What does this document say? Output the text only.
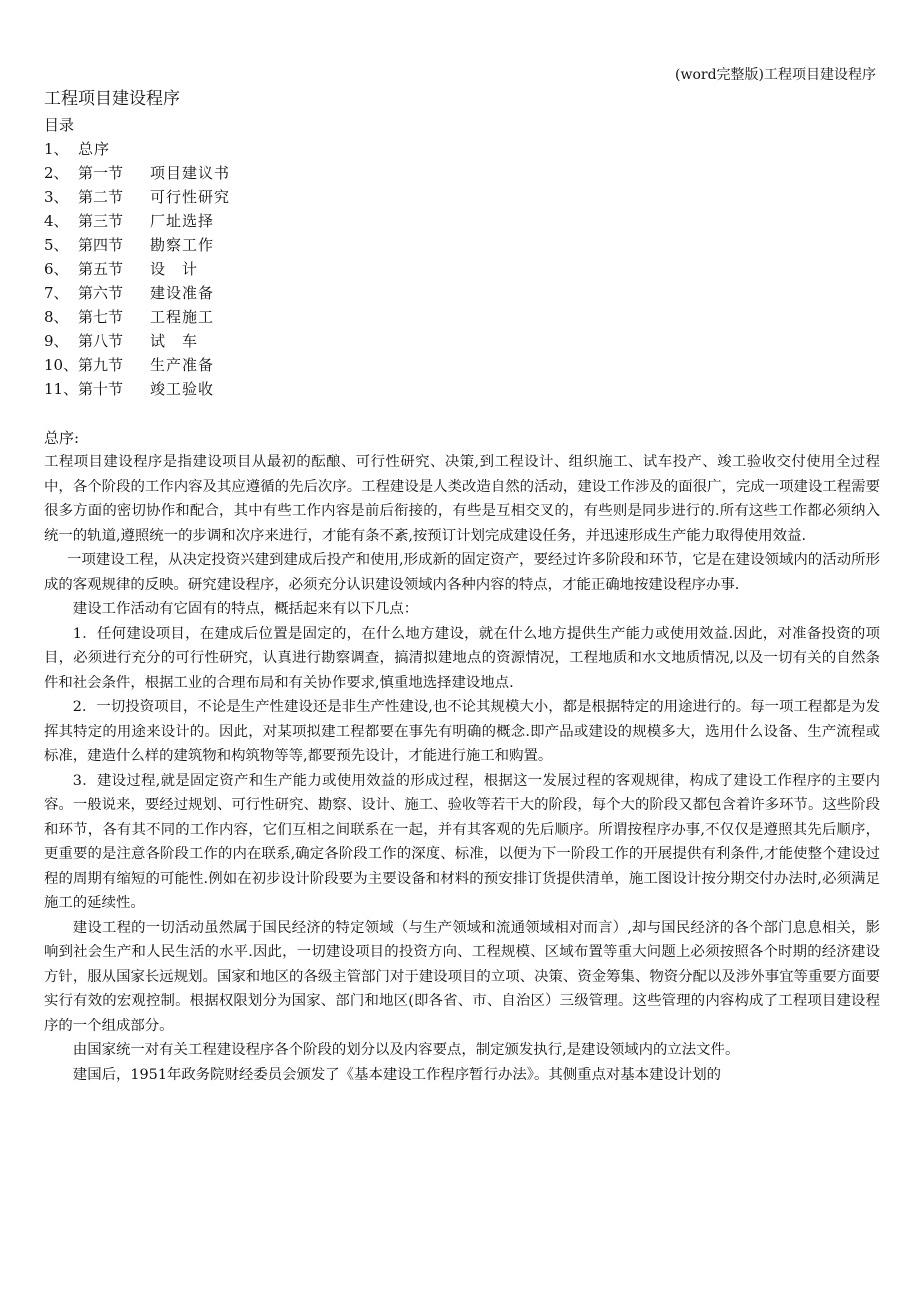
(word完整版)工程项目建设程序
工程项目建设程序
目录
1、 总序
2、 第一节 项目建议书
3、 第二节 可行性研究
4、 第三节 厂址选择
5、 第四节 勘察工作
6、 第五节 设　计
7、 第六节 建设准备
8、 第七节 工程施工
9、 第八节 试　车
10、第九节 生产准备
11、第十节 竣工验收
总序:

工程项目建设程序是指建设项目从最初的酝酿、可行性研究、决策,到工程设计、组织施工、试车投产、竣工验收交付使用全过程中，各个阶段的工作内容及其应遵循的先后次序。工程建设是人类改造自然的活动，建设工作涉及的面很广，完成一项建设工程需要很多方面的密切协作和配合，其中有些工作内容是前后衔接的，有些是互相交叉的，有些则是同步进行的.所有这些工作都必须纳入统一的轨道,遵照统一的步调和次序来进行，才能有条不紊,按预订计划完成建设任务，并迅速形成生产能力取得使用效益.

一项建设工程，从决定投资兴建到建成后投产和使用,形成新的固定资产，要经过许多阶段和环节，它是在建设领域内的活动所形成的客观规律的反映。研究建设程序，必须充分认识建设领域内各种内容的特点，才能正确地按建设程序办事.

建设工作活动有它固有的特点，概括起来有以下几点：

1．任何建设项目，在建成后位置是固定的，在什么地方建设，就在什么地方提供生产能力或使用效益.因此，对准备投资的项目，必须进行充分的可行性研究，认真进行勘察调查，搞清拟建地点的资源情况，工程地质和水文地质情况,以及一切有关的自然条件和社会条件，根据工业的合理布局和有关协作要求,慎重地选择建设地点.

2．一切投资项目，不论是生产性建设还是非生产性建设,也不论其规模大小，都是根据特定的用途进行的。每一项工程都是为发挥其特定的用途来设计的。因此，对某项拟建工程都要在事先有明确的概念.即产品或建设的规模多大，选用什么设备、生产流程或标准，建造什么样的建筑物和构筑物等等,都要预先设计，才能进行施工和购置。

3．建设过程,就是固定资产和生产能力或使用效益的形成过程，根据这一发展过程的客观规律，构成了建设工作程序的主要内容。一般说来，要经过规划、可行性研究、勘察、设计、施工、验收等若干大的阶段，每个大的阶段又都包含着许多环节。这些阶段和环节，各有其不同的工作内容，它们互相之间联系在一起，并有其客观的先后顺序。所谓按程序办事,不仅仅是遵照其先后顺序，更重要的是注意各阶段工作的内在联系,确定各阶段工作的深度、标准，以便为下一阶段工作的开展提供有利条件,才能使整个建设过程的周期有缩短的可能性.例如在初步设计阶段要为主要设备和材料的预安排订货提供清单，施工图设计按分期交付办法时,必须满足施工的延续性。

建设工程的一切活动虽然属于国民经济的特定领域（与生产领域和流通领域相对而言）,却与国民经济的各个部门息息相关，影响到社会生产和人民生活的水平.因此，一切建设项目的投资方向、工程规模、区域布置等重大问题上必须按照各个时期的经济建设方针，服从国家长远规划。国家和地区的各级主管部门对于建设项目的立项、决策、资金筹集、物资分配以及涉外事宜等重要方面要实行有效的宏观控制。根据权限划分为国家、部门和地区(即各省、市、自治区）三级管理。这些管理的内容构成了工程项目建设程序的一个组成部分。

由国家统一对有关工程建设程序各个阶段的划分以及内容要点，制定颁发执行,是建设领域内的立法文件。

建国后，1951年政务院财经委员会颁发了《基本建设工作程序暂行办法》。其侧重点对基本建设计划的
